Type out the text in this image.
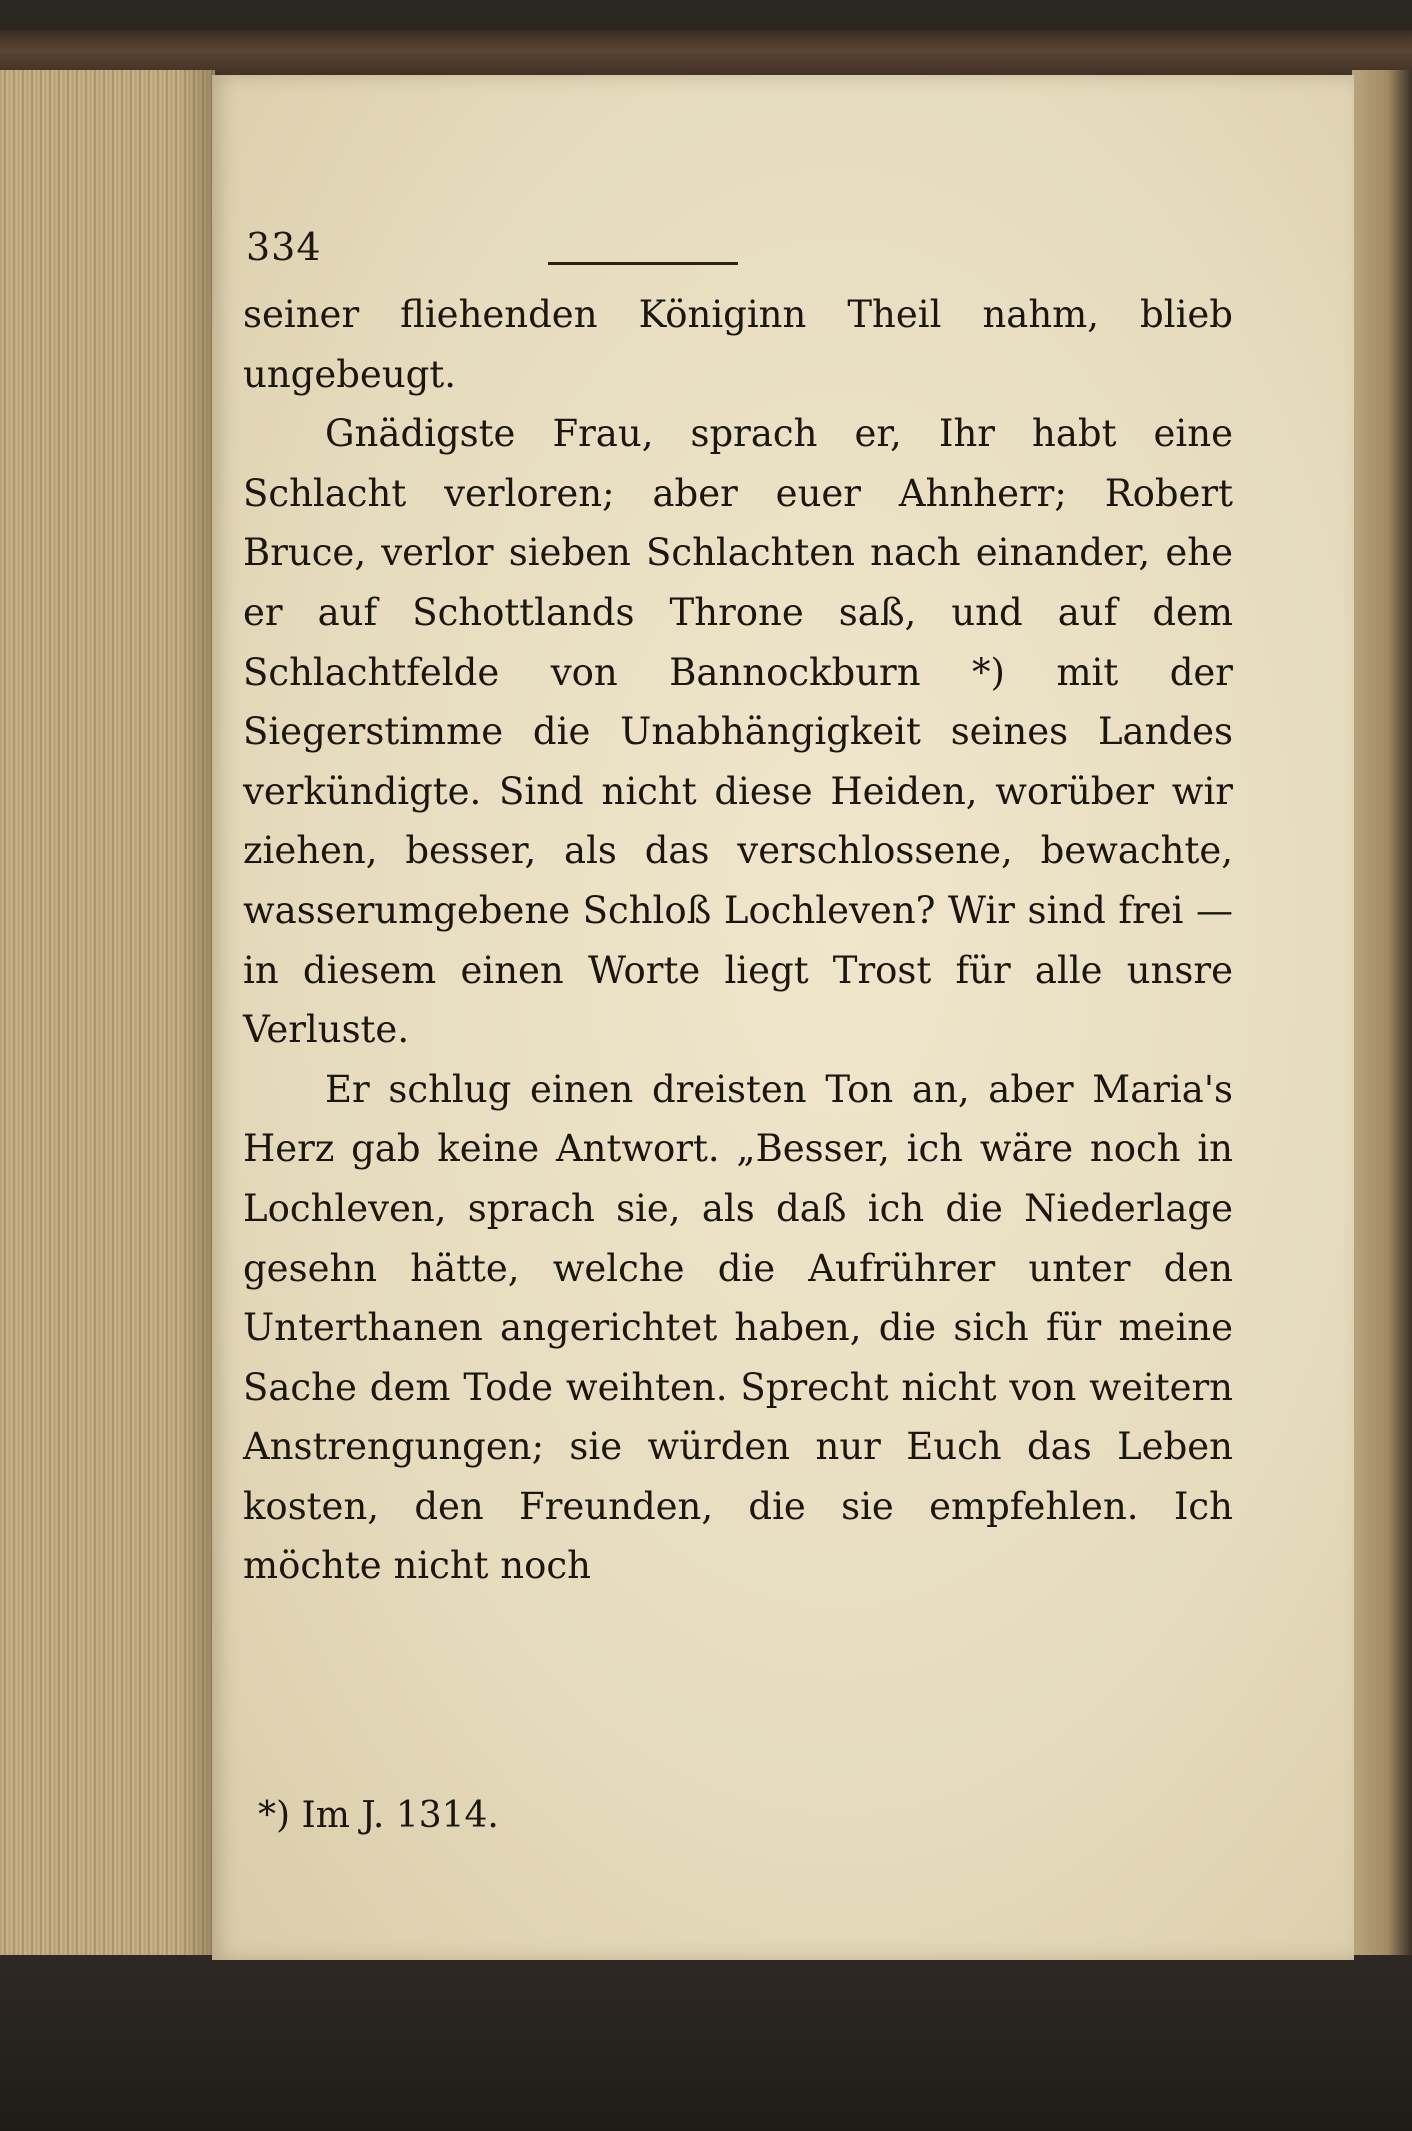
334

seiner fliehenden Königinn Theil nahm, blieb ungebeugt.

Gnädigste Frau, sprach er, Ihr habt eine Schlacht verloren; aber euer Ahnherr; Robert Bruce, verlor sieben Schlachten nach einander, ehe er auf Schottlands Throne saß, und auf dem Schlachtfelde von Bannockburn *) mit der Siegerstimme die Unabhängigkeit seines Landes verkündigte. Sind nicht diese Heiden, worüber wir ziehen, besser, als das verschlossene, bewachte, wasserumgebene Schloß Lochleven? Wir sind frei — in diesem einen Worte liegt Trost für alle unsre Verluste.

Er schlug einen dreisten Ton an, aber Maria's Herz gab keine Antwort. „Besser, ich wäre noch in Lochleven, sprach sie, als daß ich die Niederlage gesehn hätte, welche die Aufrührer unter den Unterthanen angerichtet haben, die sich für meine Sache dem Tode weihten. Sprecht nicht von weitern Anstrengungen; sie würden nur Euch das Leben kosten, den Freunden, die sie empfehlen. Ich möchte nicht noch

*) Im J. 1314.
